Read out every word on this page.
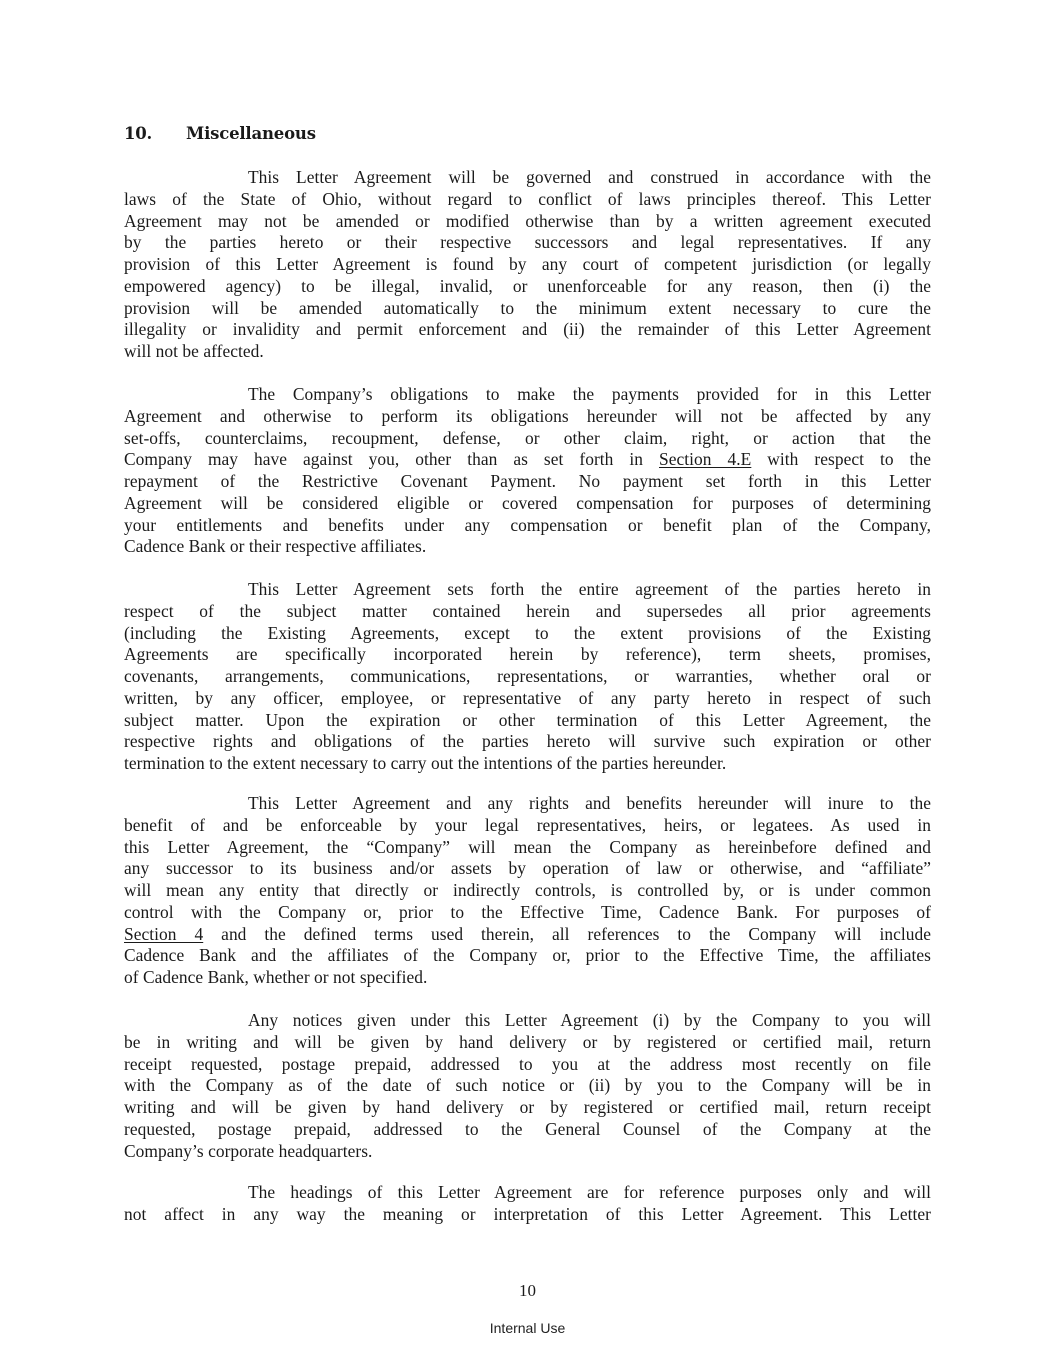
10. Miscellaneous
This Letter Agreement will be governed and construed in accordance with the
laws of the State of Ohio, without regard to conflict of laws principles thereof. This Letter
Agreement may not be amended or modified otherwise than by a written agreement executed
by the parties hereto or their respective successors and legal representatives. If any
provision of this Letter Agreement is found by any court of competent jurisdiction (or legally
empowered agency) to be illegal, invalid, or unenforceable for any reason, then (i) the
provision will be amended automatically to the minimum extent necessary to cure the
illegality or invalidity and permit enforcement and (ii) the remainder of this Letter Agreement
will not be affected.
The Company’s obligations to make the payments provided for in this Letter
Agreement and otherwise to perform its obligations hereunder will not be affected by any
set-offs, counterclaims, recoupment, defense, or other claim, right, or action that the
Company may have against you, other than as set forth in Section 4.E with respect to the
repayment of the Restrictive Covenant Payment. No payment set forth in this Letter
Agreement will be considered eligible or covered compensation for purposes of determining
your entitlements and benefits under any compensation or benefit plan of the Company,
Cadence Bank or their respective affiliates.
This Letter Agreement sets forth the entire agreement of the parties hereto in
respect of the subject matter contained herein and supersedes all prior agreements
(including the Existing Agreements, except to the extent provisions of the Existing
Agreements are specifically incorporated herein by reference), term sheets, promises,
covenants, arrangements, communications, representations, or warranties, whether oral or
written, by any officer, employee, or representative of any party hereto in respect of such
subject matter. Upon the expiration or other termination of this Letter Agreement, the
respective rights and obligations of the parties hereto will survive such expiration or other
termination to the extent necessary to carry out the intentions of the parties hereunder.
This Letter Agreement and any rights and benefits hereunder will inure to the
benefit of and be enforceable by your legal representatives, heirs, or legatees. As used in
this Letter Agreement, the “Company” will mean the Company as hereinbefore defined and
any successor to its business and/or assets by operation of law or otherwise, and “affiliate”
will mean any entity that directly or indirectly controls, is controlled by, or is under common
control with the Company or, prior to the Effective Time, Cadence Bank. For purposes of
Section 4 and the defined terms used therein, all references to the Company will include
Cadence Bank and the affiliates of the Company or, prior to the Effective Time, the affiliates
of Cadence Bank, whether or not specified.
Any notices given under this Letter Agreement (i) by the Company to you will
be in writing and will be given by hand delivery or by registered or certified mail, return
receipt requested, postage prepaid, addressed to you at the address most recently on file
with the Company as of the date of such notice or (ii) by you to the Company will be in
writing and will be given by hand delivery or by registered or certified mail, return receipt
requested, postage prepaid, addressed to the General Counsel of the Company at the
Company’s corporate headquarters.
The headings of this Letter Agreement are for reference purposes only and will
not affect in any way the meaning or interpretation of this Letter Agreement. This Letter
10
Internal Use
